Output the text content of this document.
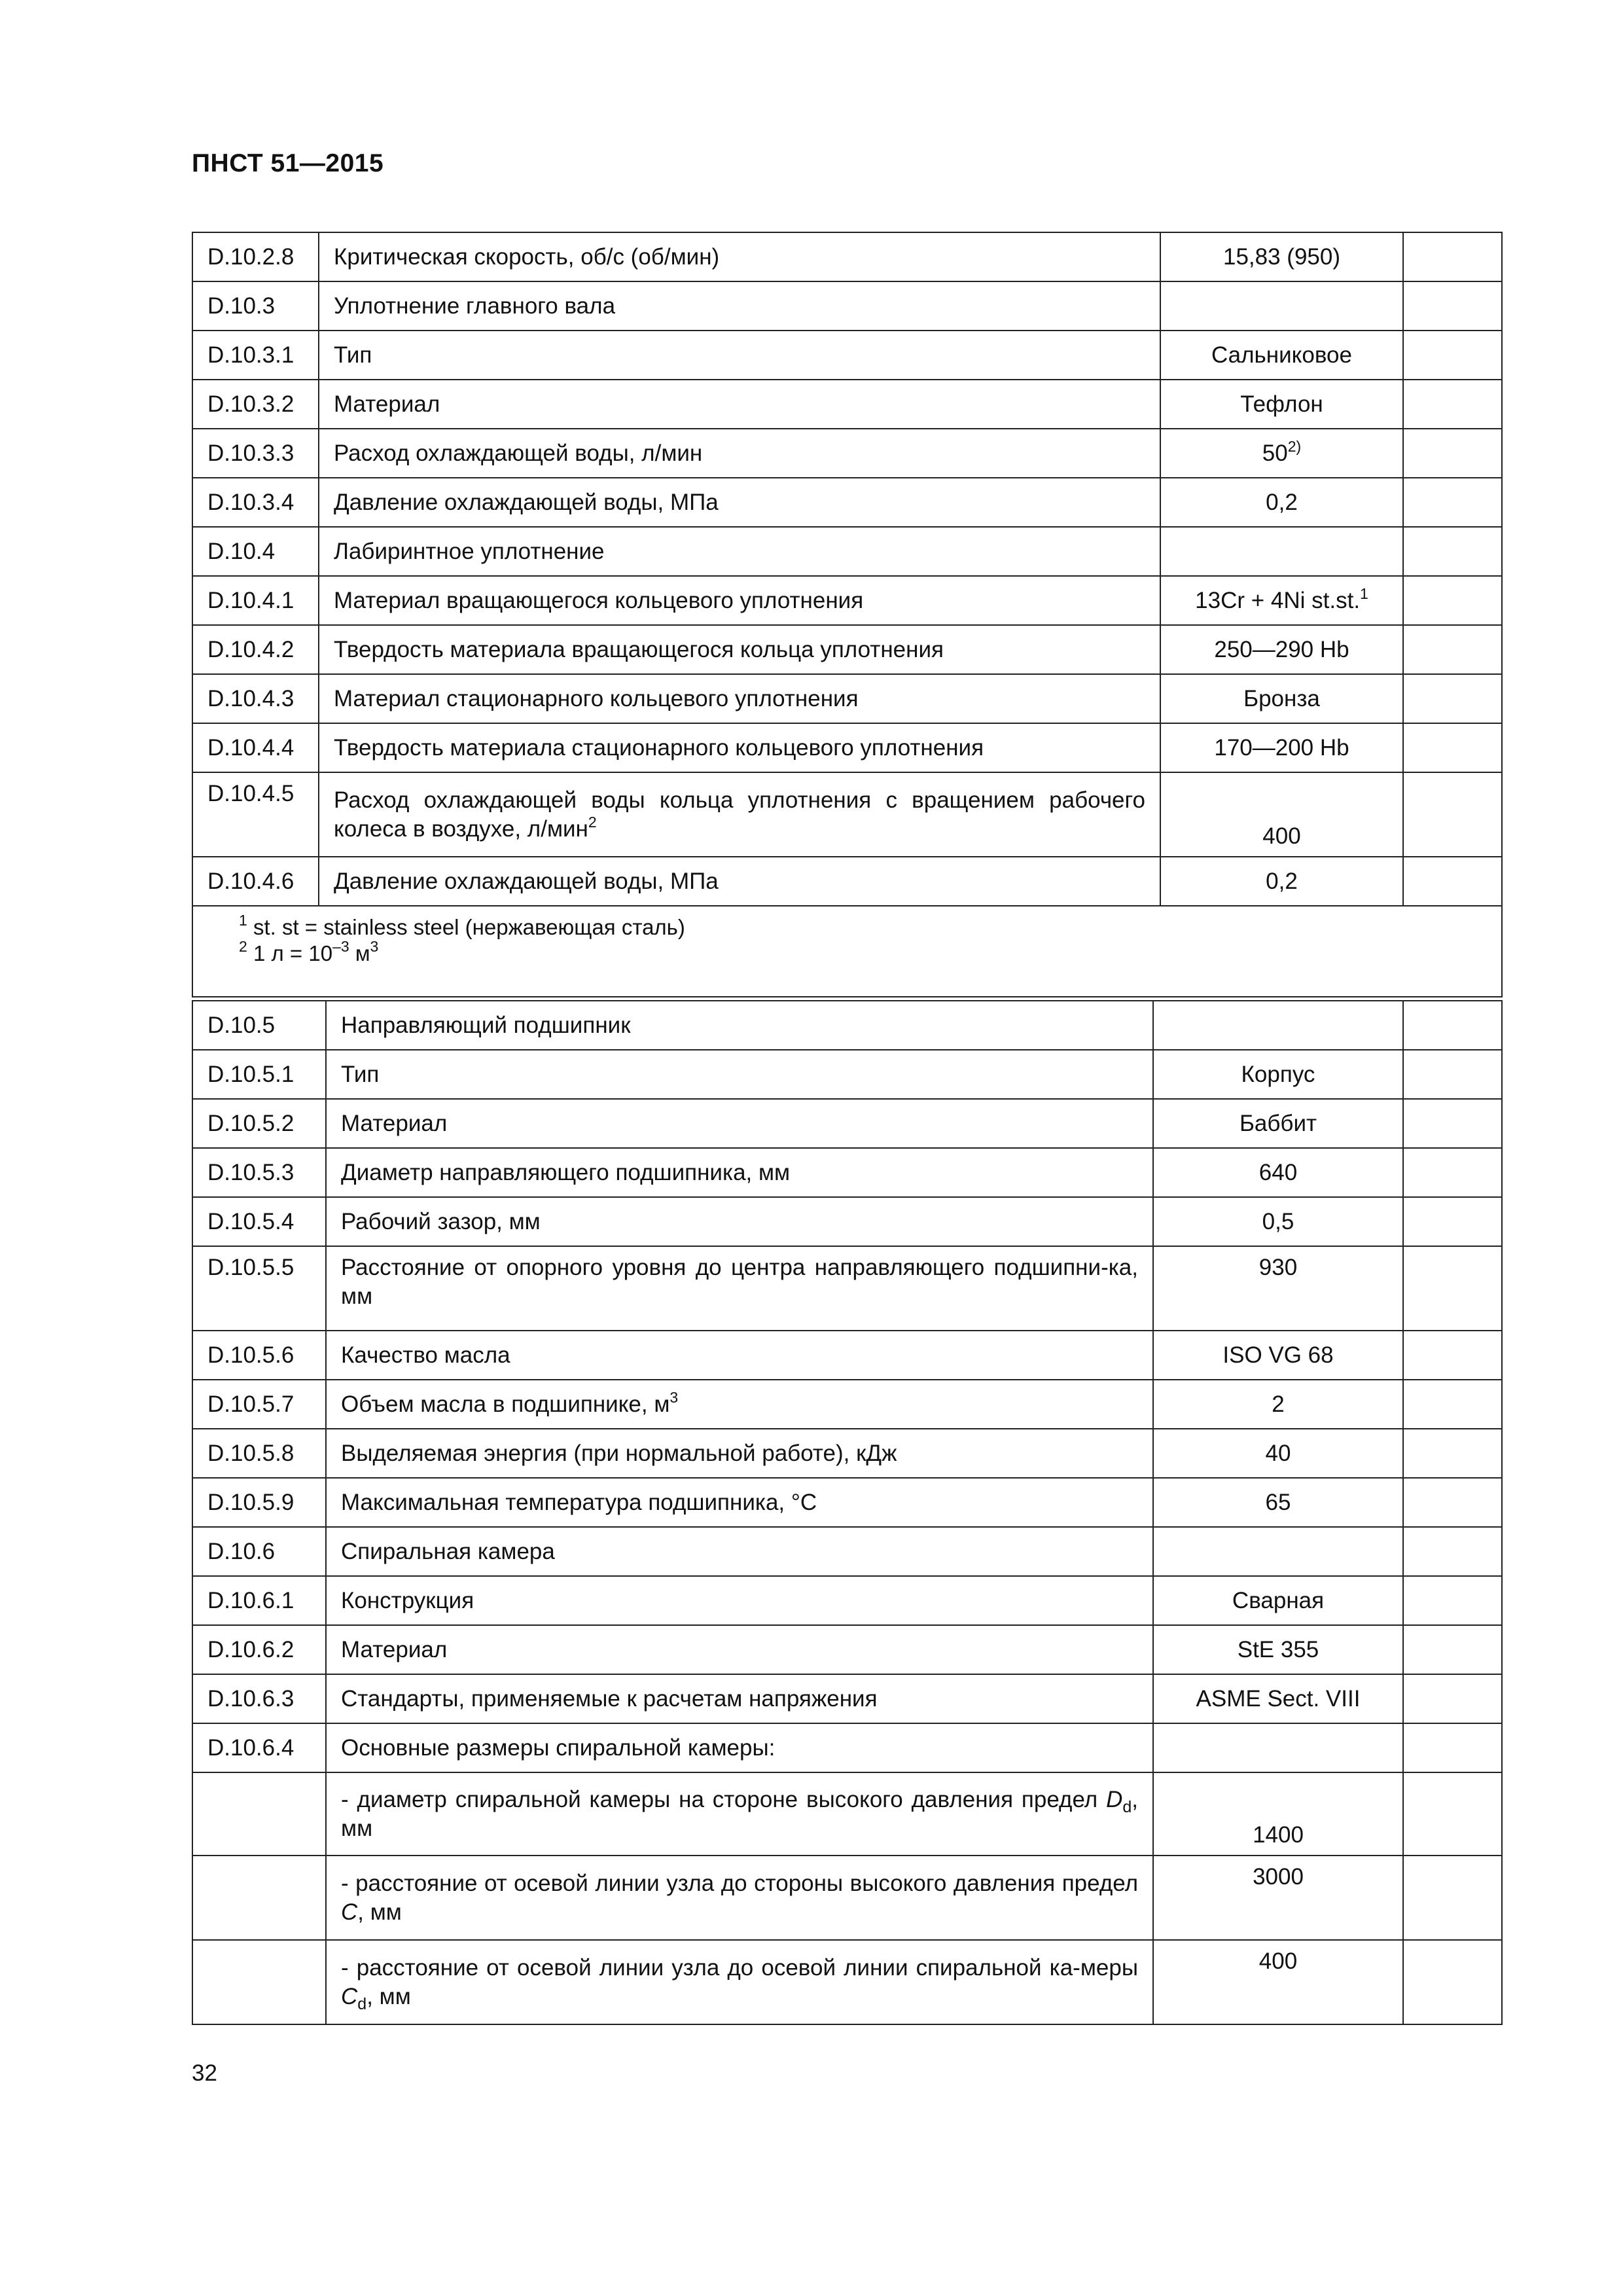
ПНСТ 51—2015
D.10.2.8	Критическая скорость, об/с (об/мин)	15,83 (950)	
D.10.3	Уплотнение главного вала		
D.10.3.1	Тип	Сальниковое	
D.10.3.2	Материал	Тефлон	
D.10.3.3	Расход охлаждающей воды, л/мин	50$^{2)}$	
D.10.3.4	Давление охлаждающей воды, МПа	0,2	
D.10.4	Лабиринтное уплотнение		
D.10.4.1	Материал вращающегося кольцевого уплотнения	13Cr + 4Ni st.st.$^1$	
D.10.4.2	Твердость материала вращающегося кольца уплотнения	250—290 Hb	
D.10.4.3	Материал стационарного кольцевого уплотнения	Бронза	
D.10.4.4	Твердость материала стационарного кольцевого уплотнения	170—200 Hb	
D.10.4.5	Расход охлаждающей воды кольца уплотнения с вращением рабочего колеса в воздухе, л/мин$^2$	400	
D.10.4.6	Давление охлаждающей воды, МПа	0,2	

$^1$ st. st = stainless steel (нержавеющая сталь)
$^2$ 1 $л = 10^{-3}$ $м^3$
D.10.5	Направляющий подшипник		
D.10.5.1	Тип	Корпус	
D.10.5.2	Материал	Баббит	
D.10.5.3	Диаметр направляющего подшипника, мм	640	
D.10.5.4	Рабочий зазор, мм	0,5	
D.10.5.5	Расстояние от опорного уровня до центра направляющего подшипни-ка, мм	930	
D.10.5.6	Качество масла	ISO VG 68	
D.10.5.7	Объем масла в подшипнике, $м^3$	2	
D.10.5.8	Выделяемая энергия (при нормальной работе), кДж	40	
D.10.5.9	Максимальная температура подшипника, °С	65	
D.10.6	Спиральная камера		
D.10.6.1	Конструкция	Сварная	
D.10.6.2	Материал	StE 355	
D.10.6.3	Стандарты, применяемые к расчетам напряжения	ASME Sect. VIII	
D.10.6.4	Основные размеры спиральной камеры:		
	- диаметр спиральной камеры на стороне высокого давления предел $D_d$, мм	1400	
	- расстояние от осевой линии узла до стороны высокого давления предел C, мм	3000	
	- расстояние от осевой линии узла до осевой линии спиральной ка-меры $C_d$, мм	400	
32
